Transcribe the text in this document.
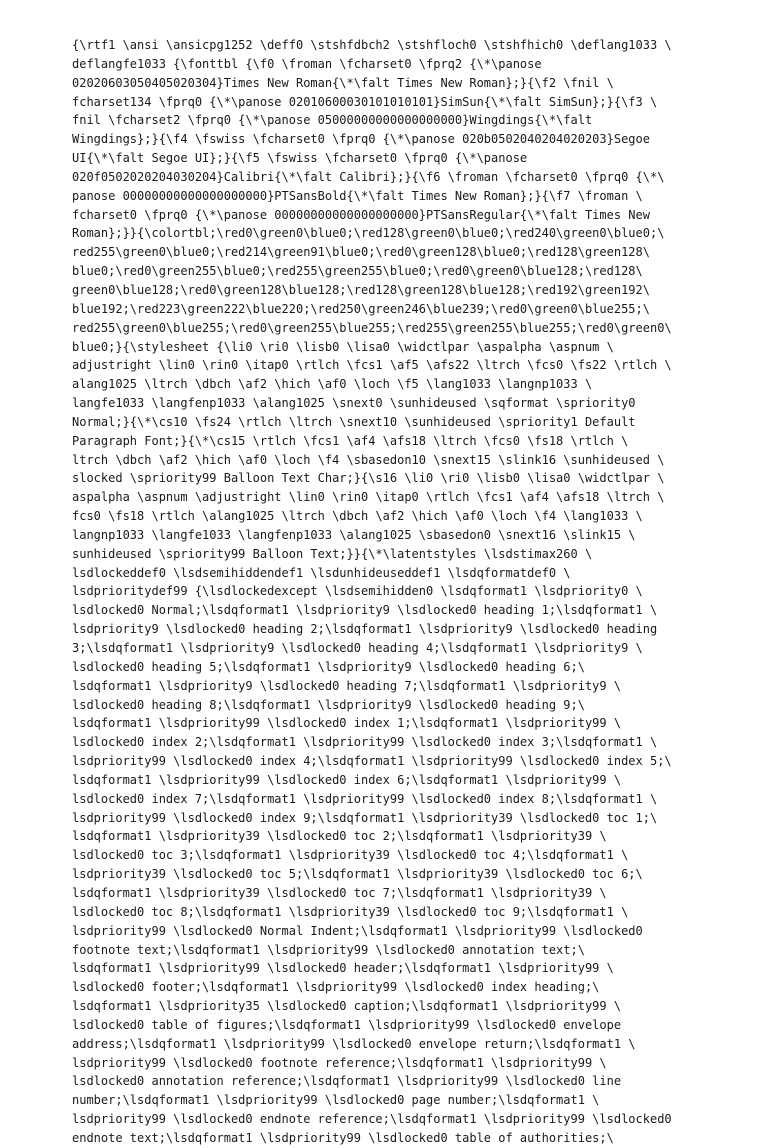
{\rtf1 \ansi \ansicpg1252 \deff0 \stshfdbch2 \stshfloch0 \stshfhich0 \deflang1033 \
deflangfe1033 {\fonttbl {\f0 \froman \fcharset0 \fprq2 {\*\panose
02020603050405020304}Times New Roman{\*\falt Times New Roman};}{\f2 \fnil \
fcharset134 \fprq0 {\*\panose 02010600030101010101}SimSun{\*\falt SimSun};}{\f3 \
fnil \fcharset2 \fprq0 {\*\panose 05000000000000000000}Wingdings{\*\falt
Wingdings};}{\f4 \fswiss \fcharset0 \fprq0 {\*\panose 020b0502040204020203}Segoe
UI{\*\falt Segoe UI};}{\f5 \fswiss \fcharset0 \fprq0 {\*\panose
020f0502020204030204}Calibri{\*\falt Calibri};}{\f6 \froman \fcharset0 \fprq0 {\*\
panose 00000000000000000000}PTSansBold{\*\falt Times New Roman};}{\f7 \froman \
fcharset0 \fprq0 {\*\panose 00000000000000000000}PTSansRegular{\*\falt Times New
Roman};}}{\colortbl;\red0\green0\blue0;\red128\green0\blue0;\red240\green0\blue0;\
red255\green0\blue0;\red214\green91\blue0;\red0\green128\blue0;\red128\green128\
blue0;\red0\green255\blue0;\red255\green255\blue0;\red0\green0\blue128;\red128\
green0\blue128;\red0\green128\blue128;\red128\green128\blue128;\red192\green192\
blue192;\red223\green222\blue220;\red250\green246\blue239;\red0\green0\blue255;\
red255\green0\blue255;\red0\green255\blue255;\red255\green255\blue255;\red0\green0\
blue0;}{\stylesheet {\li0 \ri0 \lisb0 \lisa0 \widctlpar \aspalpha \aspnum \
adjustright \lin0 \rin0 \itap0 \rtlch \fcs1 \af5 \afs22 \ltrch \fcs0 \fs22 \rtlch \
alang1025 \ltrch \dbch \af2 \hich \af0 \loch \f5 \lang1033 \langnp1033 \
langfe1033 \langfenp1033 \alang1025 \snext0 \sunhideused \sqformat \spriority0
Normal;}{\*\cs10 \fs24 \rtlch \ltrch \snext10 \sunhideused \spriority1 Default
Paragraph Font;}{\*\cs15 \rtlch \fcs1 \af4 \afs18 \ltrch \fcs0 \fs18 \rtlch \
ltrch \dbch \af2 \hich \af0 \loch \f4 \sbasedon10 \snext15 \slink16 \sunhideused \
slocked \spriority99 Balloon Text Char;}{\s16 \li0 \ri0 \lisb0 \lisa0 \widctlpar \
aspalpha \aspnum \adjustright \lin0 \rin0 \itap0 \rtlch \fcs1 \af4 \afs18 \ltrch \
fcs0 \fs18 \rtlch \alang1025 \ltrch \dbch \af2 \hich \af0 \loch \f4 \lang1033 \
langnp1033 \langfe1033 \langfenp1033 \alang1025 \sbasedon0 \snext16 \slink15 \
sunhideused \spriority99 Balloon Text;}}{\*\latentstyles \lsdstimax260 \
lsdlockeddef0 \lsdsemihiddendef1 \lsdunhideuseddef1 \lsdqformatdef0 \
lsdprioritydef99 {\lsdlockedexcept \lsdsemihidden0 \lsdqformat1 \lsdpriority0 \
lsdlocked0 Normal;\lsdqformat1 \lsdpriority9 \lsdlocked0 heading 1;\lsdqformat1 \
lsdpriority9 \lsdlocked0 heading 2;\lsdqformat1 \lsdpriority9 \lsdlocked0 heading
3;\lsdqformat1 \lsdpriority9 \lsdlocked0 heading 4;\lsdqformat1 \lsdpriority9 \
lsdlocked0 heading 5;\lsdqformat1 \lsdpriority9 \lsdlocked0 heading 6;\
lsdqformat1 \lsdpriority9 \lsdlocked0 heading 7;\lsdqformat1 \lsdpriority9 \
lsdlocked0 heading 8;\lsdqformat1 \lsdpriority9 \lsdlocked0 heading 9;\
lsdqformat1 \lsdpriority99 \lsdlocked0 index 1;\lsdqformat1 \lsdpriority99 \
lsdlocked0 index 2;\lsdqformat1 \lsdpriority99 \lsdlocked0 index 3;\lsdqformat1 \
lsdpriority99 \lsdlocked0 index 4;\lsdqformat1 \lsdpriority99 \lsdlocked0 index 5;\
lsdqformat1 \lsdpriority99 \lsdlocked0 index 6;\lsdqformat1 \lsdpriority99 \
lsdlocked0 index 7;\lsdqformat1 \lsdpriority99 \lsdlocked0 index 8;\lsdqformat1 \
lsdpriority99 \lsdlocked0 index 9;\lsdqformat1 \lsdpriority39 \lsdlocked0 toc 1;\
lsdqformat1 \lsdpriority39 \lsdlocked0 toc 2;\lsdqformat1 \lsdpriority39 \
lsdlocked0 toc 3;\lsdqformat1 \lsdpriority39 \lsdlocked0 toc 4;\lsdqformat1 \
lsdpriority39 \lsdlocked0 toc 5;\lsdqformat1 \lsdpriority39 \lsdlocked0 toc 6;\
lsdqformat1 \lsdpriority39 \lsdlocked0 toc 7;\lsdqformat1 \lsdpriority39 \
lsdlocked0 toc 8;\lsdqformat1 \lsdpriority39 \lsdlocked0 toc 9;\lsdqformat1 \
lsdpriority99 \lsdlocked0 Normal Indent;\lsdqformat1 \lsdpriority99 \lsdlocked0
footnote text;\lsdqformat1 \lsdpriority99 \lsdlocked0 annotation text;\
lsdqformat1 \lsdpriority99 \lsdlocked0 header;\lsdqformat1 \lsdpriority99 \
lsdlocked0 footer;\lsdqformat1 \lsdpriority99 \lsdlocked0 index heading;\
lsdqformat1 \lsdpriority35 \lsdlocked0 caption;\lsdqformat1 \lsdpriority99 \
lsdlocked0 table of figures;\lsdqformat1 \lsdpriority99 \lsdlocked0 envelope
address;\lsdqformat1 \lsdpriority99 \lsdlocked0 envelope return;\lsdqformat1 \
lsdpriority99 \lsdlocked0 footnote reference;\lsdqformat1 \lsdpriority99 \
lsdlocked0 annotation reference;\lsdqformat1 \lsdpriority99 \lsdlocked0 line
number;\lsdqformat1 \lsdpriority99 \lsdlocked0 page number;\lsdqformat1 \
lsdpriority99 \lsdlocked0 endnote reference;\lsdqformat1 \lsdpriority99 \lsdlocked0
endnote text;\lsdqformat1 \lsdpriority99 \lsdlocked0 table of authorities;\
